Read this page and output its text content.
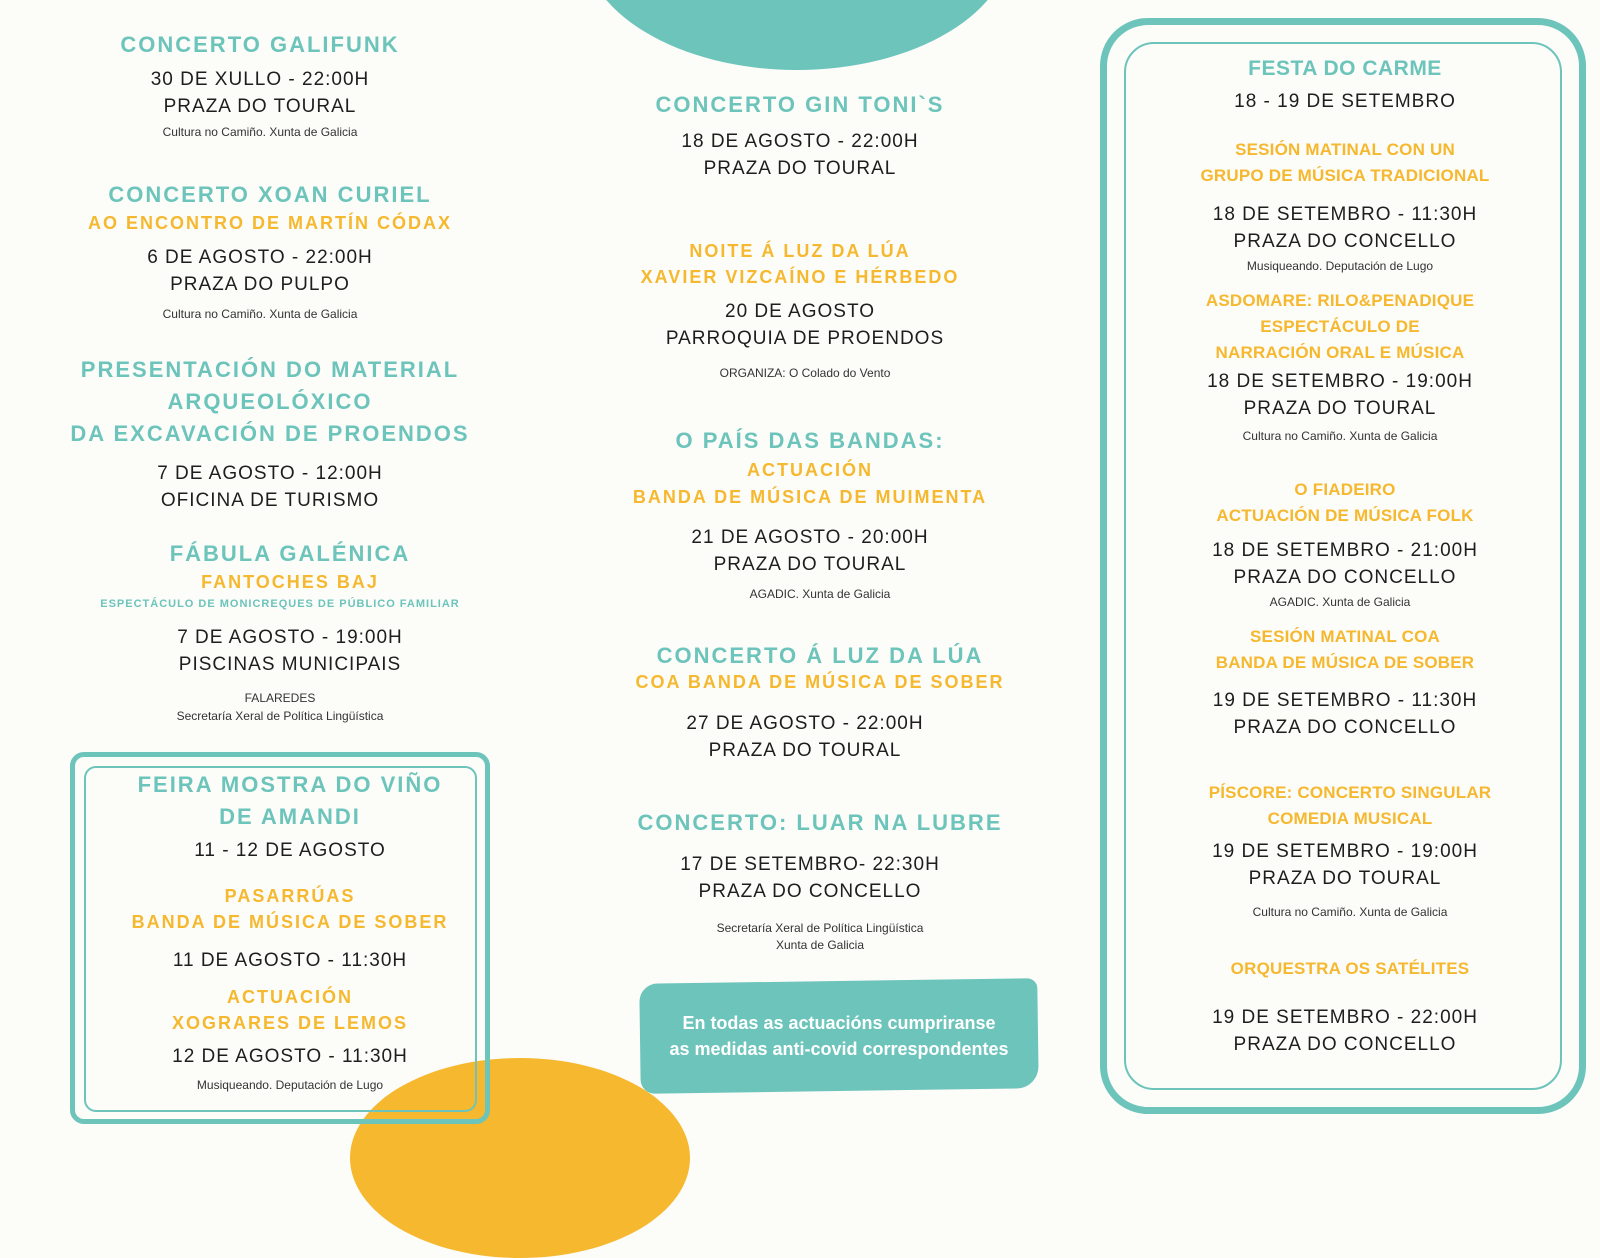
CONCERTO GALIFUNK
30 DE XULLO - 22:00H
PRAZA DO TOURAL
Cultura no Camiño. Xunta de Galicia
CONCERTO XOAN CURIEL
AO ENCONTRO DE MARTÍN CÓDAX
6 DE AGOSTO - 22:00H
PRAZA DO PULPO
Cultura no Camiño. Xunta de Galicia
PRESENTACIÓN DO MATERIAL
ARQUEOLÓXICO
DA EXCAVACIÓN DE PROENDOS
7 DE AGOSTO - 12:00H
OFICINA DE TURISMO
FÁBULA GALÉNICA
FANTOCHES BAJ
ESPECTÁCULO DE MONICREQUES DE PÚBLICO FAMILIAR
7 DE AGOSTO - 19:00H
PISCINAS MUNICIPAIS
FALAREDES
Secretaría Xeral de Política Lingüística
FEIRA MOSTRA DO VIÑO
DE AMANDI
11 - 12 DE AGOSTO
PASARRÚAS
BANDA DE MÚSICA DE SOBER
11 DE AGOSTO - 11:30H
ACTUACIÓN
XOGRARES DE LEMOS
12 DE AGOSTO - 11:30H
Musiqueando. Deputación de Lugo
CONCERTO GIN TONI`S
18 DE AGOSTO - 22:00H
PRAZA DO TOURAL
NOITE Á LUZ DA LÚA
XAVIER VIZCAÍNO E HÉRBEDO
20 DE AGOSTO
PARROQUIA DE PROENDOS
ORGANIZA: O Colado do Vento
O PAÍS DAS BANDAS:
ACTUACIÓN
BANDA DE MÚSICA DE MUIMENTA
21 DE AGOSTO - 20:00H
PRAZA DO TOURAL
AGADIC. Xunta de Galicia
CONCERTO Á LUZ DA LÚA
COA BANDA DE MÚSICA DE SOBER
27 DE AGOSTO - 22:00H
PRAZA DO TOURAL
CONCERTO: LUAR NA LUBRE
17 DE SETEMBRO- 22:30H
PRAZA DO CONCELLO
Secretaría Xeral de Política Lingüística
Xunta de Galicia
En todas as actuacións cumpriranse
as medidas anti-covid correspondentes
FESTA DO CARME
18 - 19 DE SETEMBRO
SESIÓN MATINAL CON UN
GRUPO DE MÚSICA TRADICIONAL
18 DE SETEMBRO - 11:30H
PRAZA DO CONCELLO
Musiqueando. Deputación de Lugo
ASDOMARE: RILO&PENADIQUE
ESPECTÁCULO DE
NARRACIÓN ORAL E MÚSICA
18 DE SETEMBRO - 19:00H
PRAZA DO TOURAL
Cultura no Camiño. Xunta de Galicia
O FIADEIRO
ACTUACIÓN DE MÚSICA FOLK
18 DE SETEMBRO - 21:00H
PRAZA DO CONCELLO
AGADIC. Xunta de Galicia
SESIÓN MATINAL COA
BANDA DE MÚSICA DE SOBER
19 DE SETEMBRO - 11:30H
PRAZA DO CONCELLO
PÍSCORE: CONCERTO SINGULAR
COMEDIA MUSICAL
19 DE SETEMBRO - 19:00H
PRAZA DO TOURAL
Cultura no Camiño. Xunta de Galicia
ORQUESTRA OS SATÉLITES
19 DE SETEMBRO - 22:00H
PRAZA DO CONCELLO
